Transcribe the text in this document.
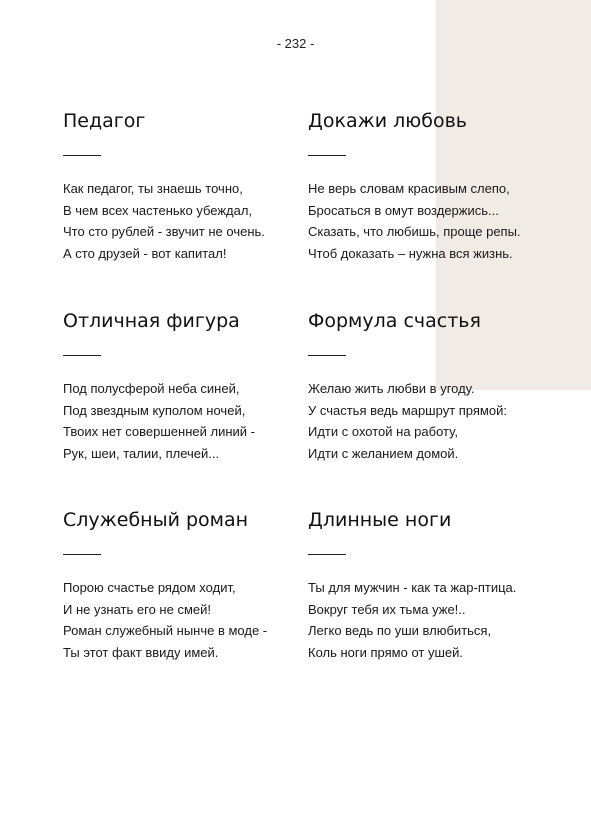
- 232 -
Педагог
Как педагог, ты знаешь точно,
В чем всех частенько убеждал,
Что сто рублей - звучит не очень.
А сто друзей - вот капитал!
Докажи любовь
Не верь словам красивым слепо,
Бросаться в омут воздержись...
Сказать, что любишь, проще репы.
Чтоб доказать – нужна вся жизнь.
Отличная фигура
Под полусферой неба синей,
Под звездным куполом ночей,
Твоих нет совершенней линий -
Рук, шеи, талии, плечей...
Формула счастья
Желаю жить любви в угоду.
У счастья ведь маршрут прямой:
Идти с охотой на работу,
Идти с желанием домой.
Служебный роман
Порою счастье рядом ходит,
И не узнать его не смей!
Роман служебный нынче в моде -
Ты этот факт ввиду имей.
Длинные ноги
Ты для мужчин - как та жар-птица.
Вокруг тебя их тьма уже!..
Легко ведь по уши влюбиться,
Коль ноги прямо от ушей.
